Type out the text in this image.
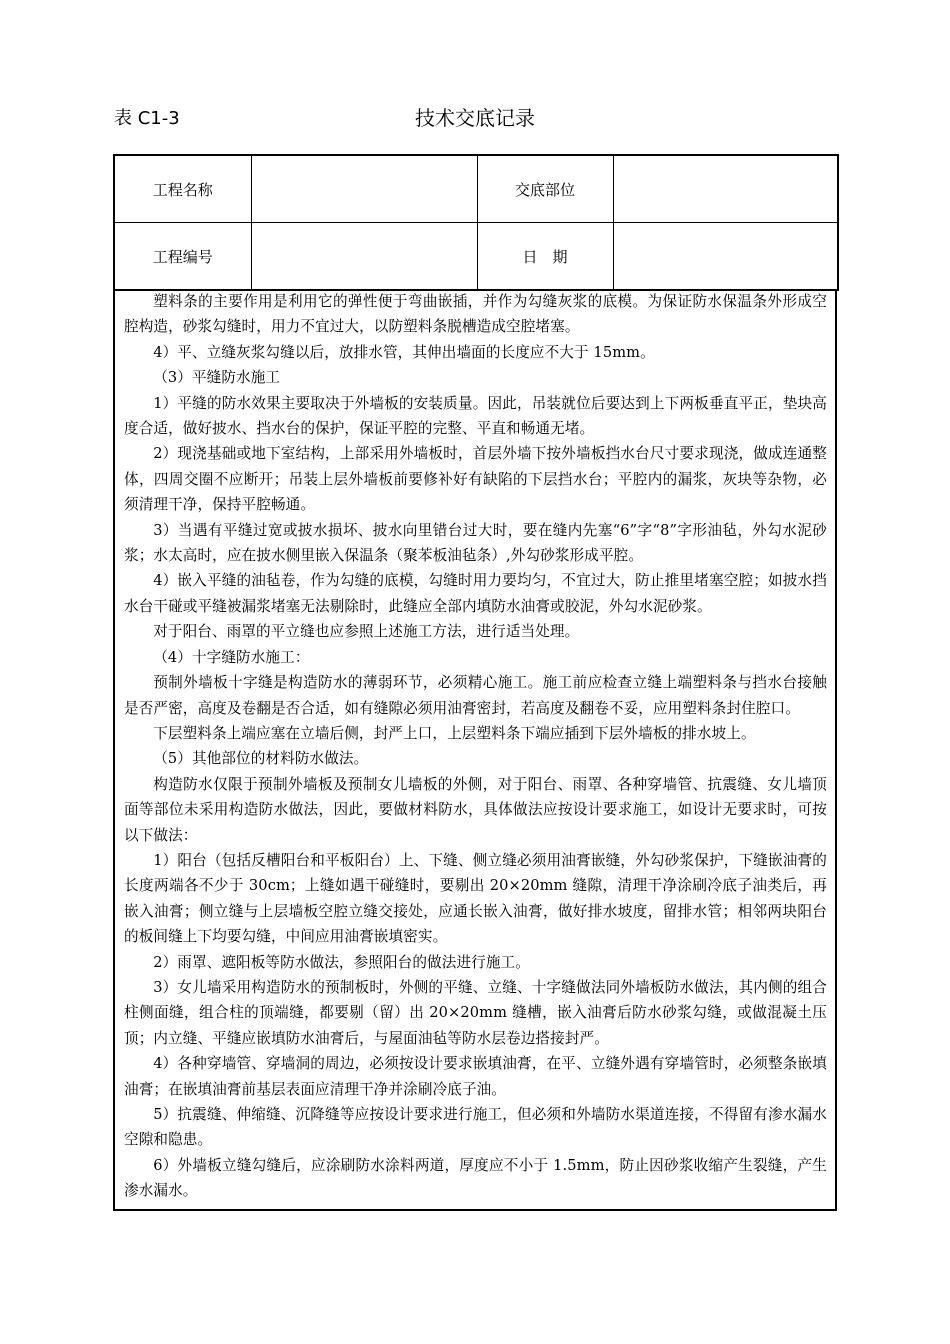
表 C1-3	技术交底记录
工程名称		交底部位	
工程编号		日　期	

塑料条的主要作用是利用它的弹性便于弯曲嵌插，并作为勾缝灰浆的底模。为保证防水保温条外形成空腔构造，砂浆勾缝时，用力不宜过大，以防塑料条脱槽造成空腔堵塞。

4）平、立缝灰浆勾缝以后，放排水管，其伸出墙面的长度应不大于 15mm。

（3）平缝防水施工

1）平缝的防水效果主要取决于外墙板的安装质量。因此，吊装就位后要达到上下两板垂直平正，垫块高度合适，做好披水、挡水台的保护，保证平腔的完整、平直和畅通无堵。

2）现浇基础或地下室结构，上部采用外墙板时，首层外墙下按外墙板挡水台尺寸要求现浇，做成连通整体，四周交圈不应断开；吊装上层外墙板前要修补好有缺陷的下层挡水台；平腔内的漏浆，灰块等杂物，必须清理干净，保持平腔畅通。

3）当遇有平缝过宽或披水损坏、披水向里错台过大时，要在缝内先塞“6”字“8”字形油毡，外勾水泥砂浆；水太高时，应在披水侧里嵌入保温条（聚苯板油毡条）,外勾砂浆形成平腔。

4）嵌入平缝的油毡卷，作为勾缝的底模，勾缝时用力要均匀，不宜过大，防止推里堵塞空腔；如披水挡水台干碰或平缝被漏浆堵塞无法剔除时，此缝应全部内填防水油膏或胶泥，外勾水泥砂浆。

对于阳台、雨罩的平立缝也应参照上述施工方法，进行适当处理。

（4）十字缝防水施工：

预制外墙板十字缝是构造防水的薄弱环节，必须精心施工。施工前应检查立缝上端塑料条与挡水台接触是否严密，高度及卷翻是否合适，如有缝隙必须用油膏密封，若高度及翻卷不妥，应用塑料条封住腔口。

下层塑料条上端应塞在立墙后侧，封严上口，上层塑料条下端应插到下层外墙板的排水坡上。

（5）其他部位的材料防水做法。

构造防水仅限于预制外墙板及预制女儿墙板的外侧，对于阳台、雨罩、各种穿墙管、抗震缝、女儿墙顶面等部位未采用构造防水做法，因此，要做材料防水，具体做法应按设计要求施工，如设计无要求时，可按以下做法：

1）阳台（包括反槽阳台和平板阳台）上、下缝、侧立缝必须用油膏嵌缝，外勾砂浆保护，下缝嵌油膏的长度两端各不少于 30cm；上缝如遇干碰缝时，要剔出 20×20mm 缝隙，清理干净涂刷冷底子油类后，再嵌入油膏；侧立缝与上层墙板空腔立缝交接处，应通长嵌入油膏，做好排水坡度，留排水管；相邻两块阳台的板间缝上下均要勾缝，中间应用油膏嵌填密实。

2）雨罩、遮阳板等防水做法，参照阳台的做法进行施工。

3）女儿墙采用构造防水的预制板时，外侧的平缝、立缝、十字缝做法同外墙板防水做法，其内侧的组合柱侧面缝，组合柱的顶端缝，都要剔（留）出 20×20mm 缝槽，嵌入油膏后防水砂浆勾缝，或做混凝土压顶；内立缝、平缝应嵌填防水油膏后，与屋面油毡等防水层卷边搭接封严。

4）各种穿墙管、穿墙洞的周边，必须按设计要求嵌填油膏，在平、立缝外遇有穿墙管时，必须整条嵌填油膏；在嵌填油膏前基层表面应清理干净并涂刷冷底子油。

5）抗震缝、伸缩缝、沉降缝等应按设计要求进行施工，但必须和外墙防水渠道连接，不得留有渗水漏水空隙和隐患。

6）外墙板立缝勾缝后，应涂刷防水涂料两道，厚度应不小于 1.5mm，防止因砂浆收缩产生裂缝，产生渗水漏水。
